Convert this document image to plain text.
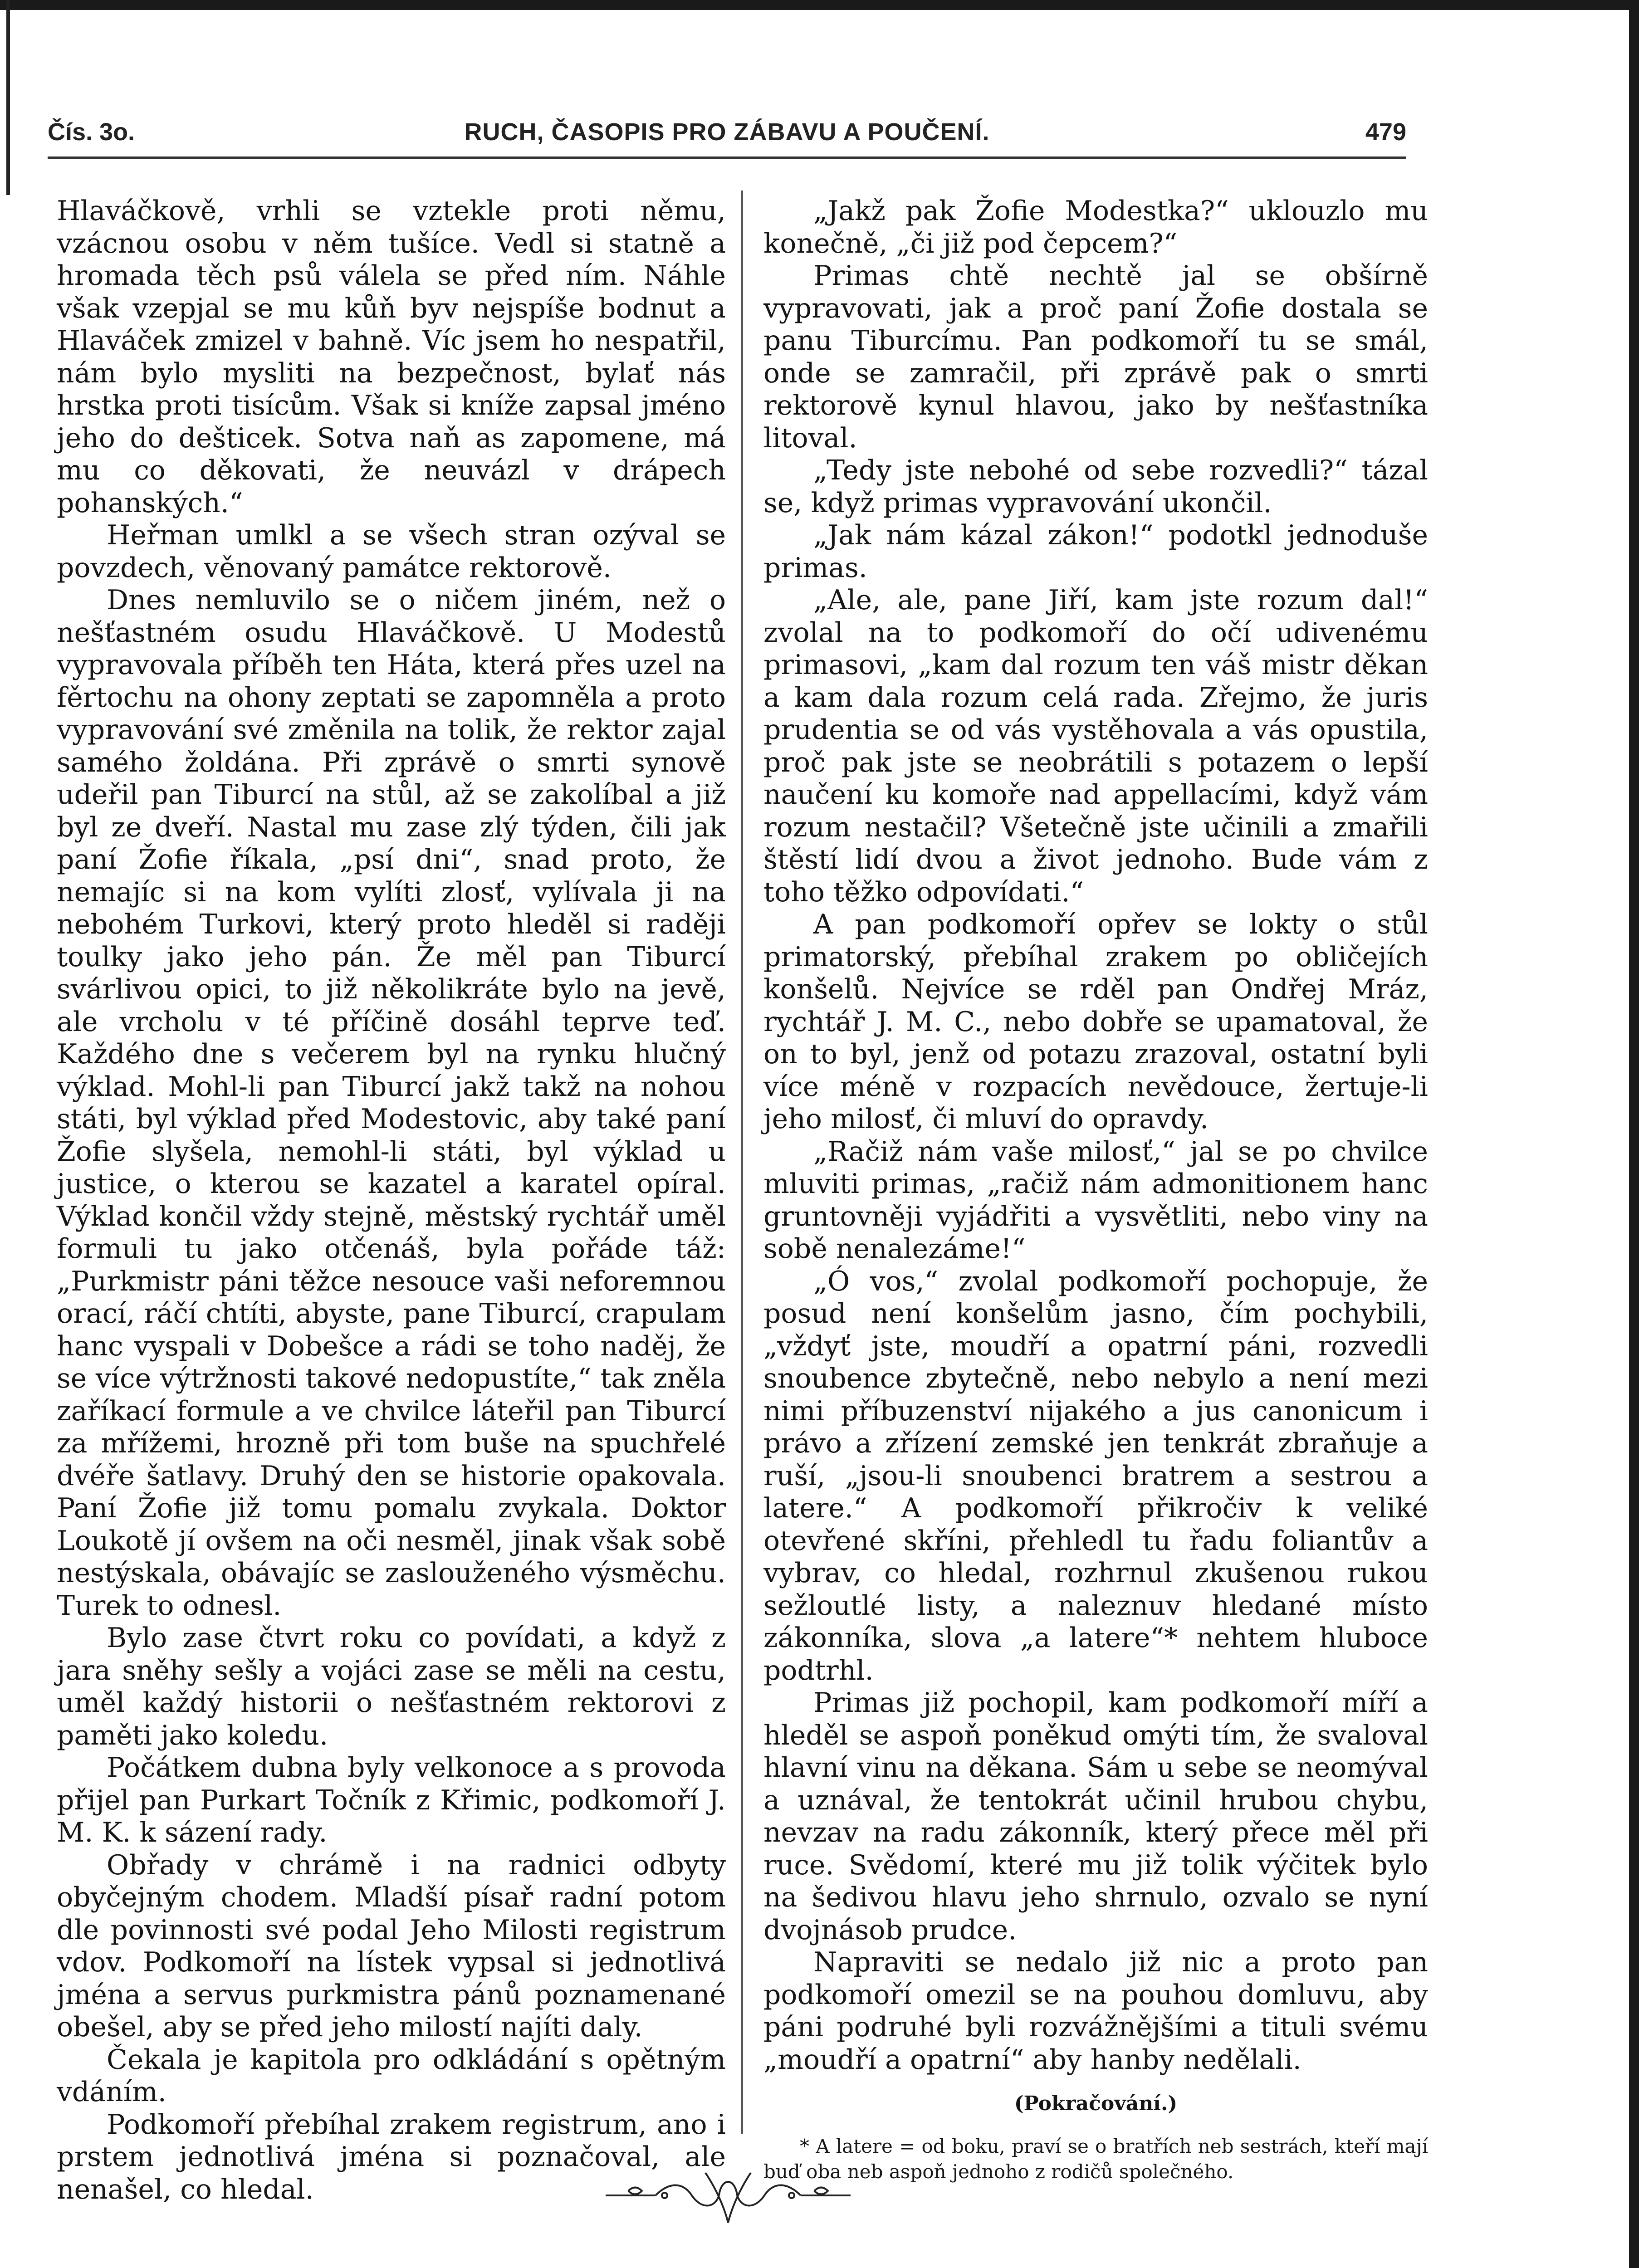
Čís. 3o.	RUCH, ČASOPIS PRO ZÁBAVU A POUČENÍ.	479

Hlaváčkově, vrhli se vztekle proti němu, vzácnou osobu v něm tušíce. Vedl si statně a hromada těch psů válela se před ním. Náhle však vzepjal se mu kůň byv nejspíše bodnut a Hlaváček zmizel v bahně. Víc jsem ho nespatřil, nám bylo mysliti na bezpečnost, bylať nás hrstka proti tisícům. Však si kníže zapsal jméno jeho do dešticek. Sotva naň as zapomene, má mu co děkovati, že neuvázl v drápech pohanských.“

Heřman umlkl a se všech stran ozýval se povzdech, věnovaný památce rektorově.

Dnes nemluvilo se o ničem jiném, než o nešťastném osudu Hlaváčkově. U Modestů vypravovala příběh ten Háta, která přes uzel na fěrtochu na ohony zeptati se zapomněla a proto vypravování své změnila na tolik, že rektor zajal samého žoldána. Při zprávě o smrti synově udeřil pan Tiburcí na stůl, až se zakolíbal a již byl ze dveří. Nastal mu zase zlý týden, čili jak paní Žofie říkala, „psí dni“, snad proto, že nemajíc si na kom vylíti zlosť, vylívala ji na nebohém Turkovi, který proto hleděl si raději toulky jako jeho pán. Že měl pan Tiburcí svárlivou opici, to již několikráte bylo na jevě, ale vrcholu v té příčině dosáhl teprve teď. Každého dne s večerem byl na rynku hlučný výklad. Mohl-li pan Tiburcí jakž takž na nohou státi, byl výklad před Modestovic, aby také paní Žofie slyšela, nemohl-li státi, byl výklad u justice, o kterou se kazatel a karatel opíral. Výklad končil vždy stejně, městský rychtář uměl formuli tu jako otčenáš, byla pořáde táž: „Purkmistr páni těžce nesouce vaši neforemnou orací, ráčí chtíti, abyste, pane Tiburcí, crapulam hanc vyspali v Dobešce a rádi se toho naděj, že se více výtržnosti takové nedopustíte,“ tak zněla zaříkací formule a ve chvilce láteřil pan Tiburcí za mřížemi, hrozně při tom buše na spuchřelé dvéře šatlavy. Druhý den se historie opakovala. Paní Žofie již tomu pomalu zvykala. Doktor Loukotě jí ovšem na oči nesměl, jinak však sobě nestýskala, obávajíc se zaslouženého výsměchu. Turek to odnesl.

Bylo zase čtvrt roku co povídati, a když z jara sněhy sešly a vojáci zase se měli na cestu, uměl každý historii o nešťastném rektorovi z paměti jako koledu.

Počátkem dubna byly velkonoce a s provoda přijel pan Purkart Točník z Křimic, podkomoří J. M. K. k sázení rady.

Obřady v chrámě i na radnici odbyty obyčejným chodem. Mladší písař radní potom dle povinnosti své podal Jeho Milosti registrum vdov. Podkomoří na lístek vypsal si jednotlivá jména a servus purkmistra pánů poznamenané obešel, aby se před jeho milostí najíti daly.

Čekala je kapitola pro odkládání s opětným vdáním.

Podkomoří přebíhal zrakem registrum, ano i prstem jednotlivá jména si poznačoval, ale nenašel, co hledal.

„Jakž pak Žofie Modestka?“ uklouzlo mu konečně, „či již pod čepcem?“

Primas chtě nechtě jal se obšírně vypravovati, jak a proč paní Žofie dostala se panu Tiburcímu. Pan podkomoří tu se smál, onde se zamračil, při zprávě pak o smrti rektorově kynul hlavou, jako by nešťastníka litoval.

„Tedy jste nebohé od sebe rozvedli?“ tázal se, když primas vypravování ukončil.

„Jak nám kázal zákon!“ podotkl jednoduše primas.

„Ale, ale, pane Jiří, kam jste rozum dal!“ zvolal na to podkomoří do očí udivenému primasovi, „kam dal rozum ten váš mistr děkan a kam dala rozum celá rada. Zřejmo, že juris prudentia se od vás vystěhovala a vás opustila, proč pak jste se neobrátili s potazem o lepší naučení ku komoře nad appellacími, když vám rozum nestačil? Všetečně jste učinili a zmařili štěstí lidí dvou a život jednoho. Bude vám z toho těžko odpovídati.“

A pan podkomoří opřev se lokty o stůl primatorský, přebíhal zrakem po obličejích konšelů. Nejvíce se rděl pan Ondřej Mráz, rychtář J. M. C., nebo dobře se upamatoval, že on to byl, jenž od potazu zrazoval, ostatní byli více méně v rozpacích nevědouce, žertuje-li jeho milosť, či mluví do opravdy.

„Račiž nám vaše milosť,“ jal se po chvilce mluviti primas, „račiž nám admonitionem hanc gruntovněji vyjádřiti a vysvětliti, nebo viny na sobě nenalezáme!“

„Ó vos,“ zvolal podkomoří pochopuje, že posud není konšelům jasno, čím pochybili, „vždyť jste, moudří a opatrní páni, rozvedli snoubence zbytečně, nebo nebylo a není mezi nimi příbuzenství nijakého a jus canonicum i právo a zřízení zemské jen tenkrát zbraňuje a ruší, „jsou-li snoubenci bratrem a sestrou a latere.“ A podkomoří přikročiv k veliké otevřené skříni, přehledl tu řadu foliantův a vybrav, co hledal, rozhrnul zkušenou rukou sežloutlé listy, a naleznuv hledané místo zákonníka, slova „a latere“* nehtem hluboce podtrhl.

Primas již pochopil, kam podkomoří míří a hleděl se aspoň poněkud omýti tím, že svaloval hlavní vinu na děkana. Sám u sebe se neomýval a uznával, že tentokrát učinil hrubou chybu, nevzav na radu zákonník, který přece měl při ruce. Svědomí, které mu již tolik výčitek bylo na šedivou hlavu jeho shrnulo, ozvalo se nyní dvojnásob prudce.

Napraviti se nedalo již nic a proto pan podkomoří omezil se na pouhou domluvu, aby páni podruhé byli rozvážnějšími a tituli svému „moudří a opatrní“ aby hanby nedělali.

(Pokračování.)

* A latere = od boku, praví se o bratřích neb sestrách, kteří mají buď oba neb aspoň jednoho z rodičů společného.
